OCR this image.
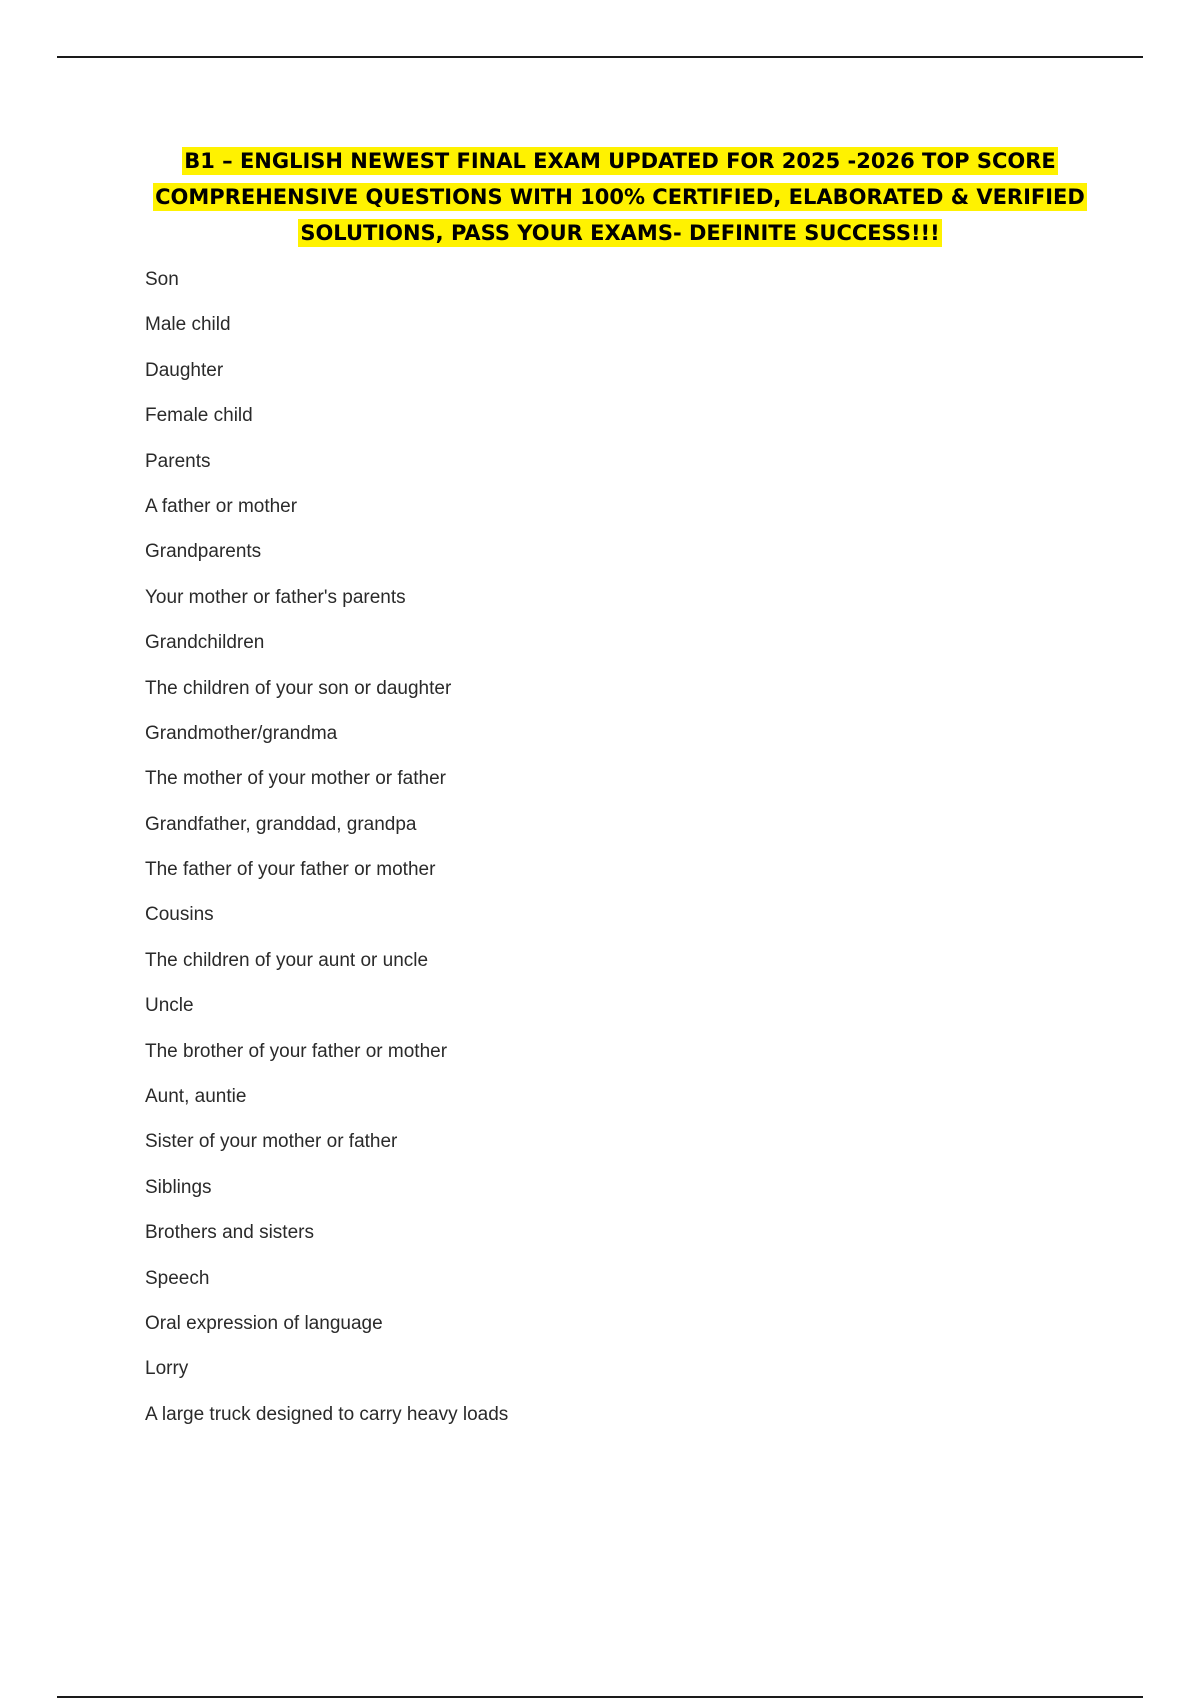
B1 – ENGLISH NEWEST FINAL EXAM UPDATED FOR 2025 -2026 TOP SCORE COMPREHENSIVE QUESTIONS WITH 100% CERTIFIED, ELABORATED & VERIFIED SOLUTIONS, PASS YOUR EXAMS- DEFINITE SUCCESS!!!
Son
Male child
Daughter
Female child
Parents
A father or mother
Grandparents
Your mother or father's parents
Grandchildren
The children of your son or daughter
Grandmother/grandma
The mother of your mother or father
Grandfather, granddad, grandpa
The father of your father or mother
Cousins
The children of your aunt or uncle
Uncle
The brother of your father or mother
Aunt, auntie
Sister of your mother or father
Siblings
Brothers and sisters
Speech
Oral expression of language
Lorry
A large truck designed to carry heavy loads
